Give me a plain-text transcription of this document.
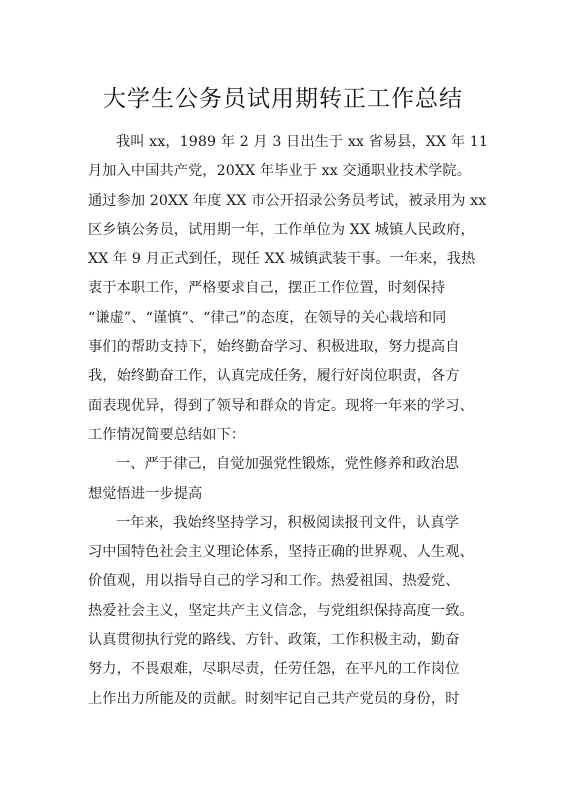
大学生公务员试用期转正工作总结
我叫 xx，1989 年 2 月 3 日出生于 xx 省易县，XX 年 11
月加入中国共产党，20XX 年毕业于 xx 交通职业技术学院。
通过参加 20XX 年度 XX 市公开招录公务员考试，被录用为 xx
区乡镇公务员，试用期一年，工作单位为 XX 城镇人民政府，
XX 年 9 月正式到任，现任 XX 城镇武装干事。一年来，我热
衷于本职工作，严格要求自己，摆正工作位置，时刻保持
“谦虚”、“谨慎”、“律己”的态度，在领导的关心栽培和同
事们的帮助支持下，始终勤奋学习、积极进取，努力提高自
我，始终勤奋工作，认真完成任务，履行好岗位职责，各方
面表现优异，得到了领导和群众的肯定。现将一年来的学习、
工作情况简要总结如下：
一、严于律己，自觉加强党性锻炼，党性修养和政治思
想觉悟进一步提高
一年来，我始终坚持学习，积极阅读报刊文件，认真学
习中国特色社会主义理论体系，坚持正确的世界观、人生观、
价值观，用以指导自己的学习和工作。热爱祖国、热爱党、
热爱社会主义，坚定共产主义信念，与党组织保持高度一致。
认真贯彻执行党的路线、方针、政策，工作积极主动，勤奋
努力，不畏艰难，尽职尽责，任劳任怨，在平凡的工作岗位
上作出力所能及的贡献。时刻牢记自己共产党员的身份，时
